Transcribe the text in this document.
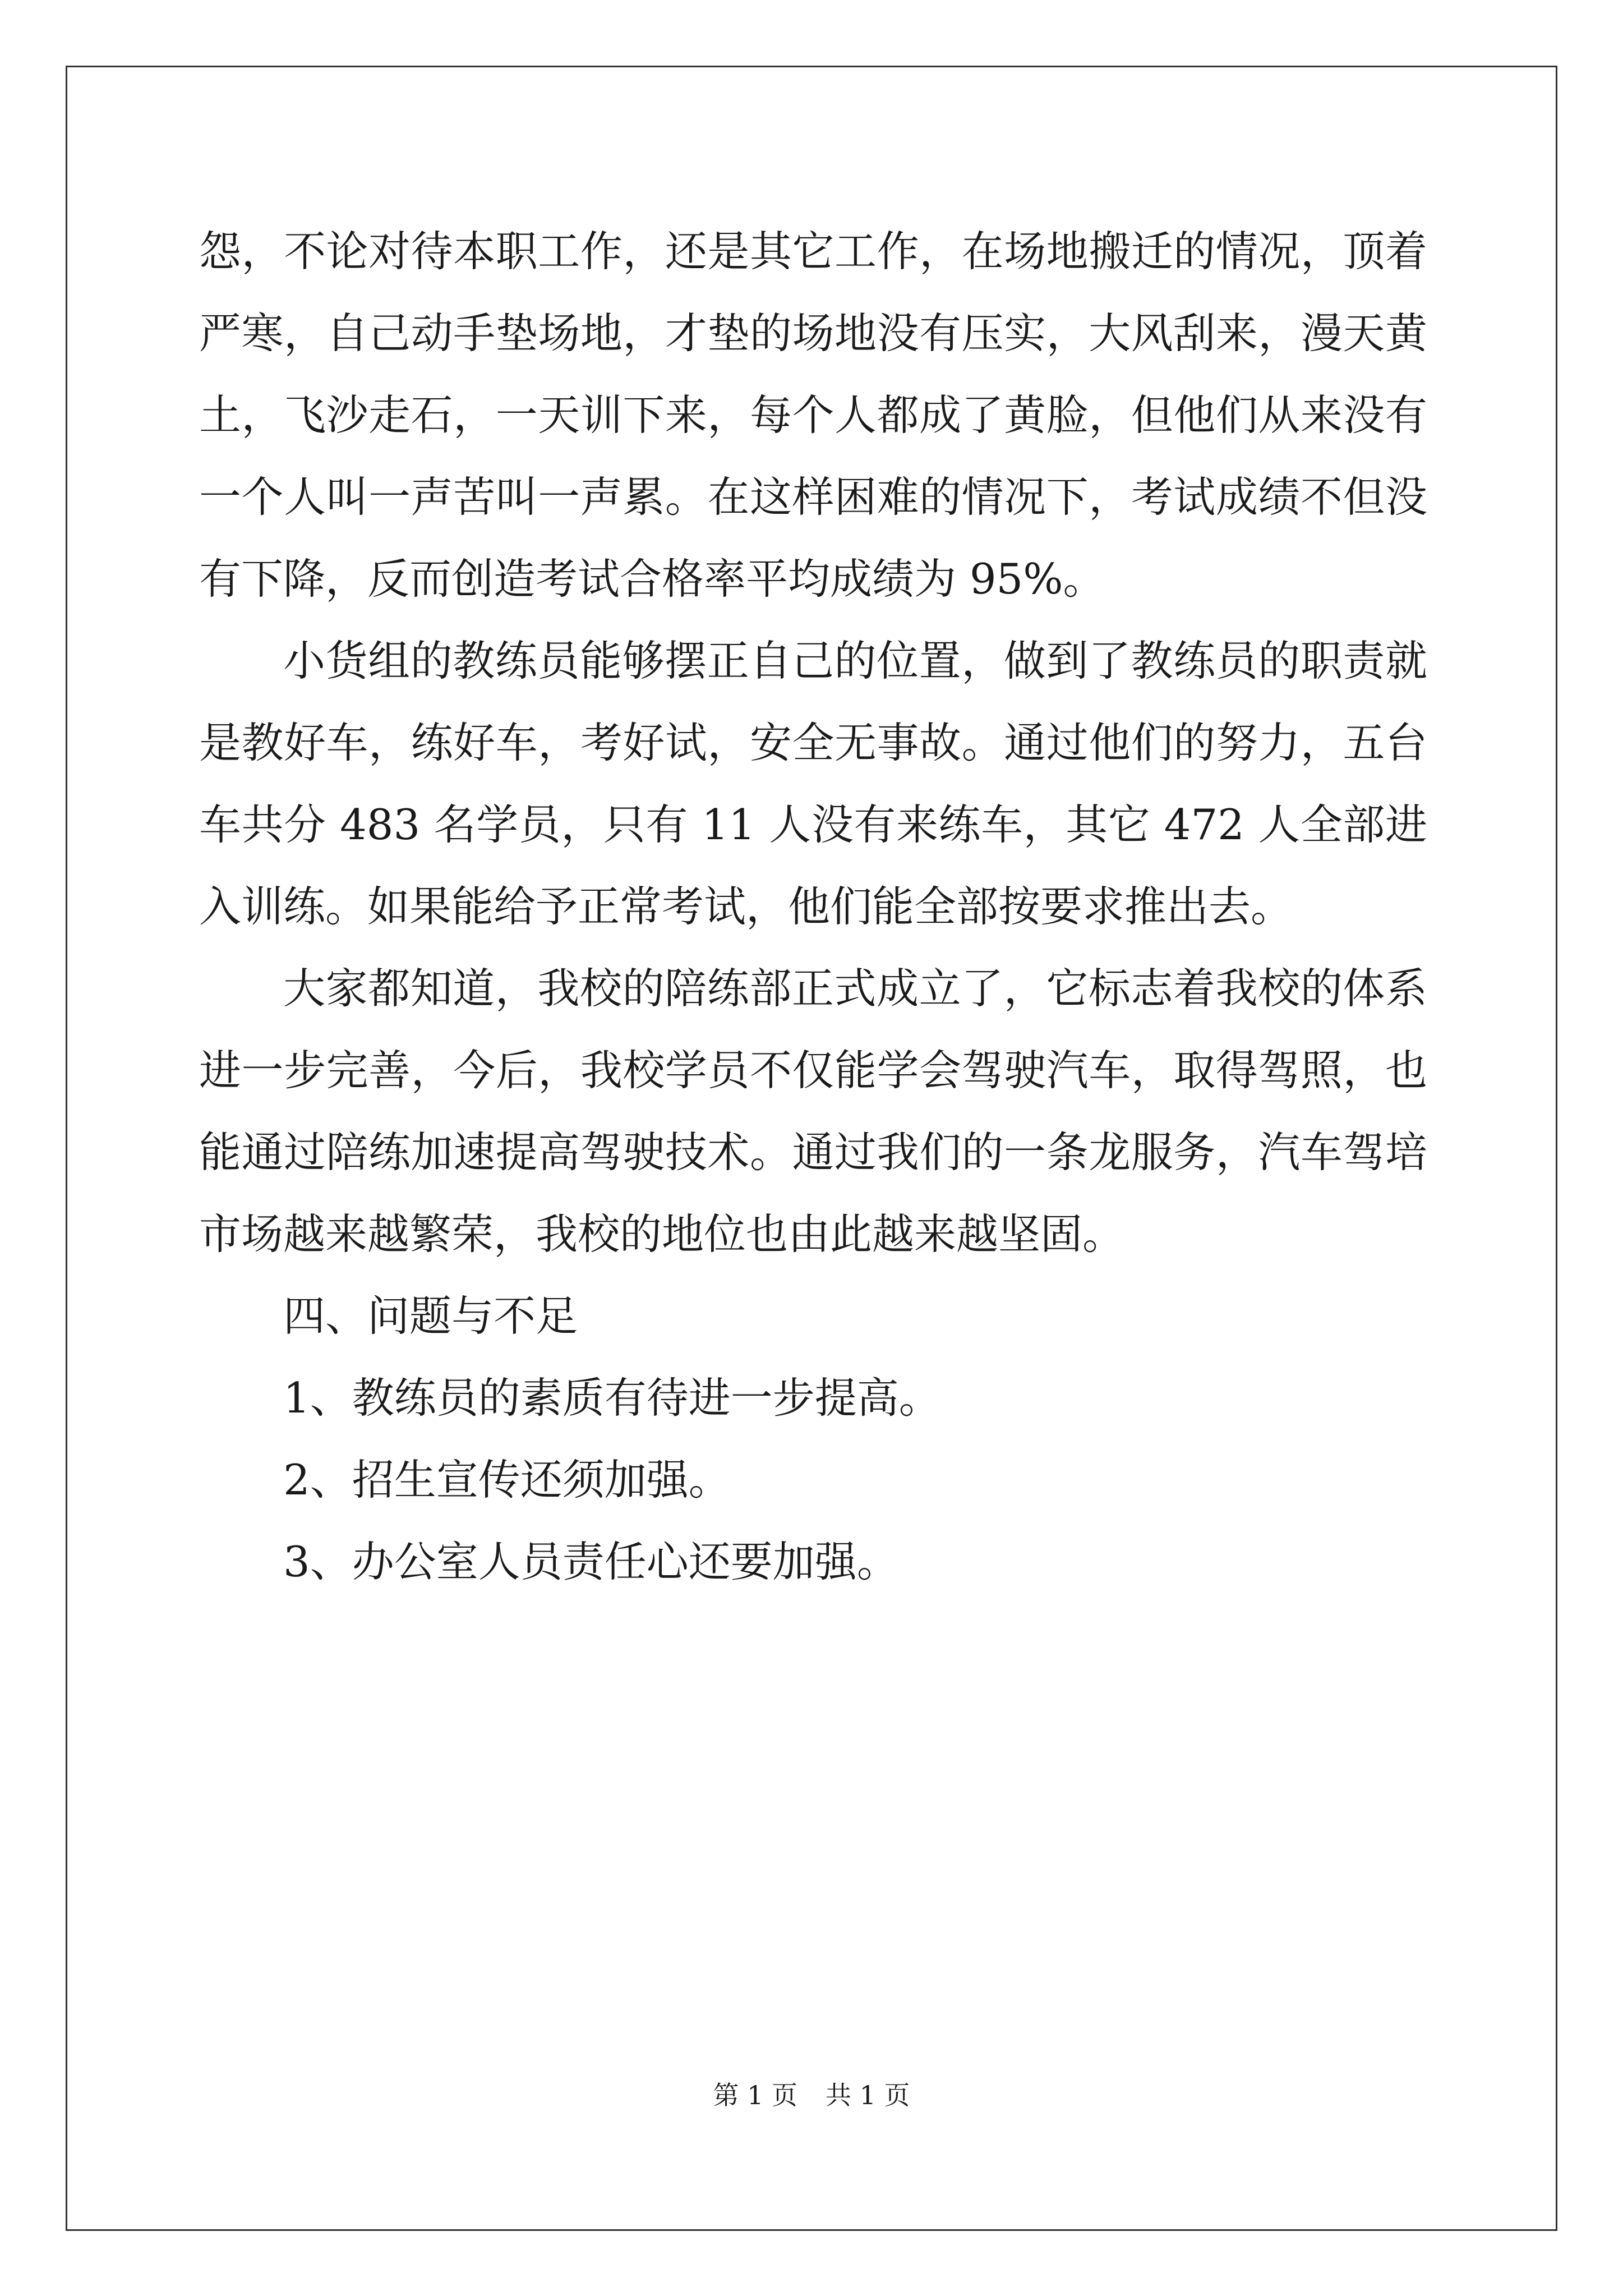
怨，不论对待本职工作，还是其它工作，在场地搬迁的情况，顶着严寒，自己动手垫场地，才垫的场地没有压实，大风刮来，漫天黄土，飞沙走石，一天训下来，每个人都成了黄脸，但他们从来没有一个人叫一声苦叫一声累。在这样困难的情况下，考试成绩不但没有下降，反而创造考试合格率平均成绩为 95%。

小货组的教练员能够摆正自己的位置，做到了教练员的职责就是教好车，练好车，考好试，安全无事故。通过他们的努力，五台车共分 483 名学员，只有 11 人没有来练车，其它 472 人全部进入训练。如果能给予正常考试，他们能全部按要求推出去。

大家都知道，我校的陪练部正式成立了，它标志着我校的体系进一步完善，今后，我校学员不仅能学会驾驶汽车，取得驾照，也能通过陪练加速提高驾驶技术。通过我们的一条龙服务，汽车驾培市场越来越繁荣，我校的地位也由此越来越坚固。

四、问题与不足

1、教练员的素质有待进一步提高。

2、招生宣传还须加强。

3、办公室人员责任心还要加强。

第 1 页 共 1 页
